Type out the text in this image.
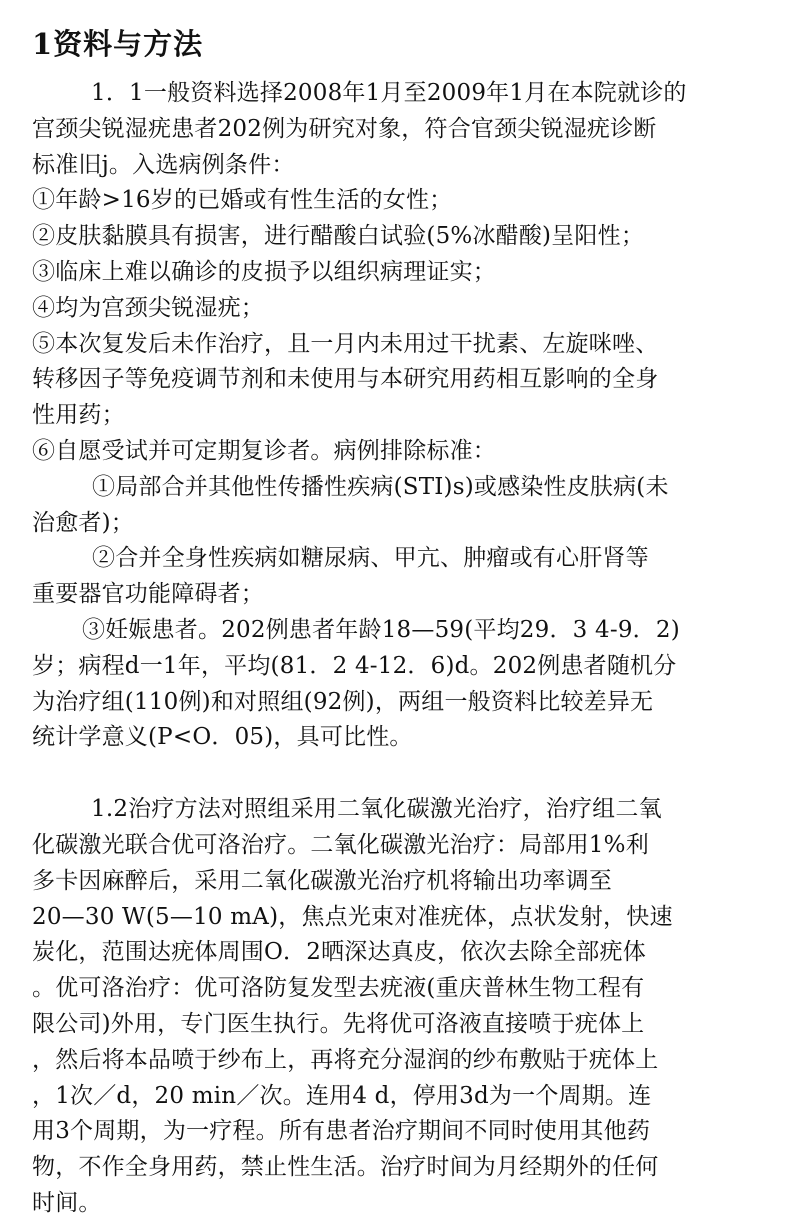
1资料与方法
1．1一般资料选择2008年1月至2009年1月在本院就诊的
宫颈尖锐湿疣患者202例为研究对象，符合官颈尖锐湿疣诊断
标准旧j。入选病例条件：
①年龄>16岁的已婚或有性生活的女性；
②皮肤黏膜具有损害，进行醋酸白试验(5%冰醋酸)呈阳性；
③临床上难以确诊的皮损予以组织病理证实；
④均为宫颈尖锐湿疣；
⑤本次复发后未作治疗，且一月内未用过干扰素、左旋咪唑、
转移因子等免疫调节剂和未使用与本研究用药相互影响的全身
性用药；
⑥自愿受试并可定期复诊者。病例排除标准：
①局部合并其他性传播性疾病(STI)s)或感染性皮肤病(未
治愈者)；
②合并全身性疾病如糖尿病、甲亢、肿瘤或有心肝肾等
重要器官功能障碍者；
③妊娠患者。202例患者年龄18—59(平均29．3 4-9．2)
岁；病程d一1年，平均(81．2 4-12．6)d。202例患者随机分
为治疗组(110例)和对照组(92例)，两组一般资料比较差异无
统计学意义(P<O．05)，具可比性。
1.2治疗方法对照组采用二氧化碳激光治疗，治疗组二氧
化碳激光联合优可洛治疗。二氧化碳激光治疗：局部用1%利
多卡因麻醉后，采用二氧化碳激光治疗机将输出功率调至
20—30 W(5—10 mA)，焦点光束对准疣体，点状发射，快速
炭化，范围达疣体周围O．2晒深达真皮，依次去除全部疣体
。优可洛治疗：优可洛防复发型去疣液(重庆普林生物工程有
限公司)外用，专门医生执行。先将优可洛液直接喷于疣体上
，然后将本品喷于纱布上，再将充分湿润的纱布敷贴于疣体上
，1次／d，20 min／次。连用4 d，停用3d为一个周期。连
用3个周期，为一疗程。所有患者治疗期间不同时使用其他药
物，不作全身用药，禁止性生活。治疗时间为月经期外的任何
时间。
